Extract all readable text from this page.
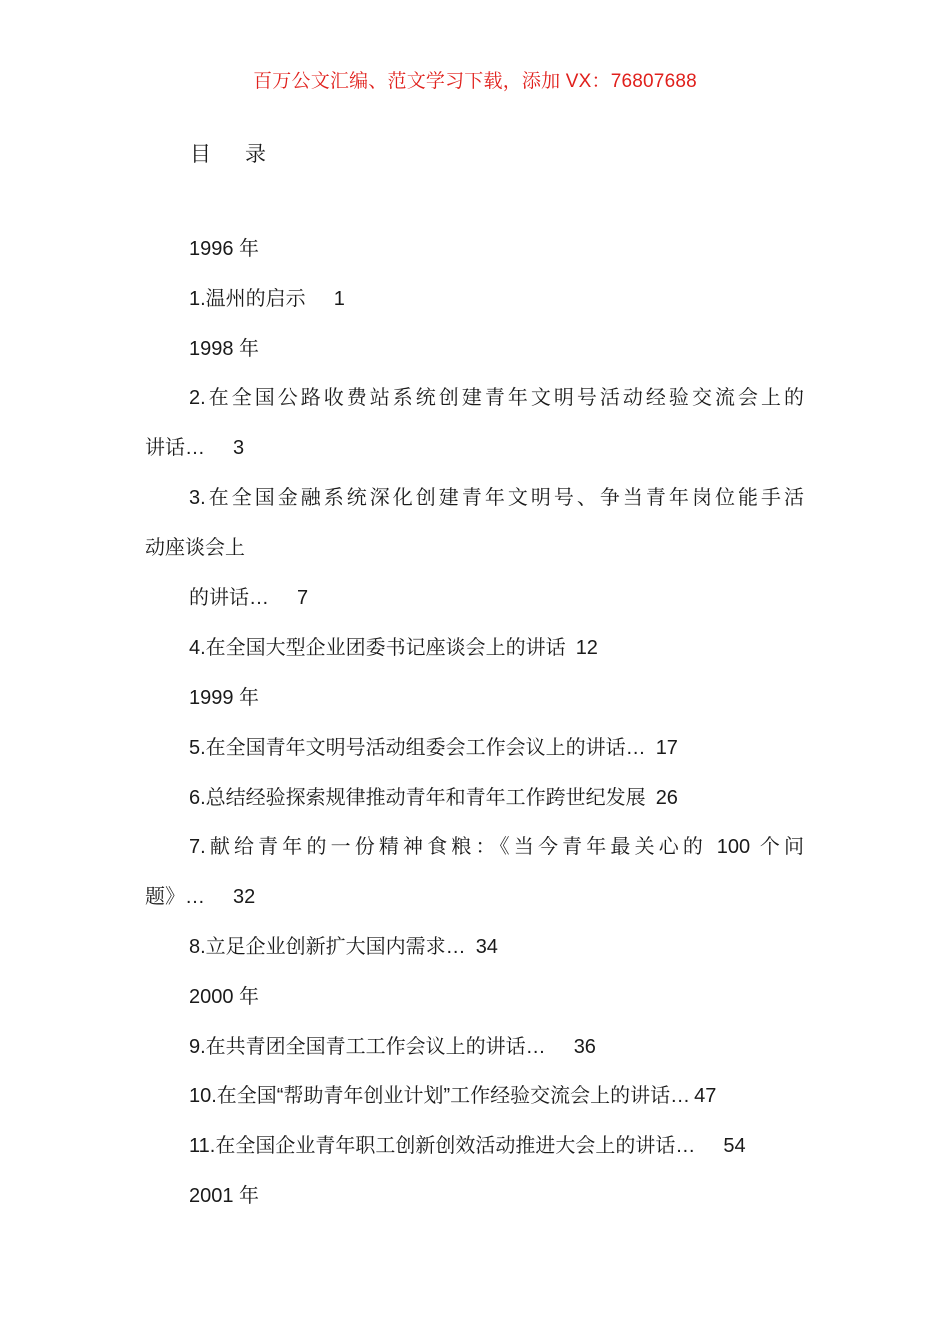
百万公文汇编、范文学习下载，添加 VX：76807688
目录
1996 年
1.温州的启示 1
1998 年
2.在全国公路收费站系统创建青年文明号活动经验交流会上的
讲话… 3
3.在全国金融系统深化创建青年文明号、争当青年岗位能手活
动座谈会上
的讲话… 7
4.在全国大型企业团委书记座谈会上的讲话 12
1999 年
5.在全国青年文明号活动组委会工作会议上的讲话… 17
6.总结经验探索规律推动青年和青年工作跨世纪发展 26
7.献给青年的一份精神食粮：《当今青年最关心的 100 个问
题》… 32
8.立足企业创新扩大国内需求… 34
2000 年
9.在共青团全国青工工作会议上的讲话… 36
10.在全国“帮助青年创业计划”工作经验交流会上的讲话… 47
11.在全国企业青年职工创新创效活动推进大会上的讲话… 54
2001 年
